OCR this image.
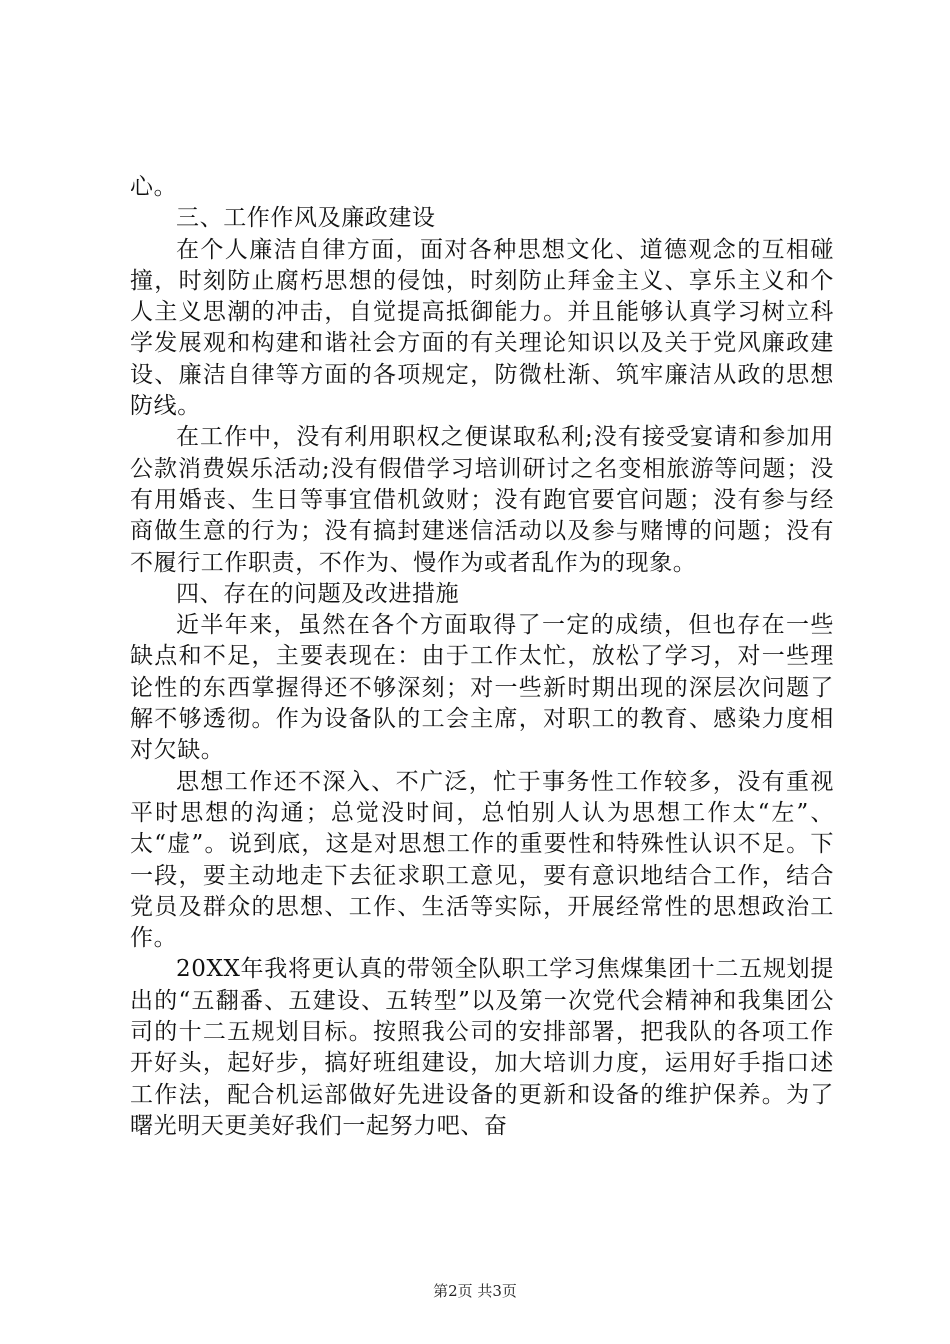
心。

三、工作作风及廉政建设

在个人廉洁自律方面，面对各种思想文化、道德观念的互相碰撞，时刻防止腐朽思想的侵蚀，时刻防止拜金主义、享乐主义和个人主义思潮的冲击，自觉提高抵御能力。并且能够认真学习树立科学发展观和构建和谐社会方面的有关理论知识以及关于党风廉政建设、廉洁自律等方面的各项规定，防微杜渐、筑牢廉洁从政的思想防线。

在工作中，没有利用职权之便谋取私利;没有接受宴请和参加用公款消费娱乐活动;没有假借学习培训研讨之名变相旅游等问题；没有用婚丧、生日等事宜借机敛财；没有跑官要官问题；没有参与经商做生意的行为；没有搞封建迷信活动以及参与赌博的问题；没有不履行工作职责，不作为、慢作为或者乱作为的现象。

四、存在的问题及改进措施

近半年来，虽然在各个方面取得了一定的成绩，但也存在一些缺点和不足，主要表现在：由于工作太忙，放松了学习，对一些理论性的东西掌握得还不够深刻；对一些新时期出现的深层次问题了解不够透彻。作为设备队的工会主席，对职工的教育、感染力度相对欠缺。

思想工作还不深入、不广泛，忙于事务性工作较多，没有重视平时思想的沟通；总觉没时间，总怕别人认为思想工作太“左”、太“虚”。说到底，这是对思想工作的重要性和特殊性认识不足。下一段，要主动地走下去征求职工意见，要有意识地结合工作，结合党员及群众的思想、工作、生活等实际，开展经常性的思想政治工作。

20XX年我将更认真的带领全队职工学习焦煤集团十二五规划提出的“五翻番、五建设、五转型”以及第一次党代会精神和我集团公司的十二五规划目标。按照我公司的安排部署，把我队的各项工作开好头，起好步，搞好班组建设，加大培训力度，运用好手指口述工作法，配合机运部做好先进设备的更新和设备的维护保养。为了曙光明天更美好我们一起努力吧、奋

第2页 共3页
